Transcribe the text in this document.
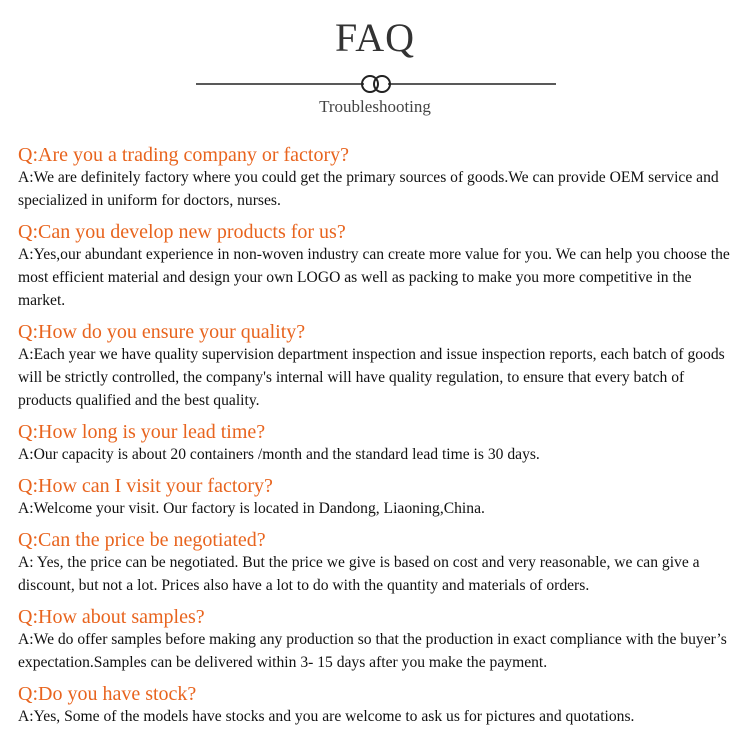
FAQ
Troubleshooting
Q:Are you a trading company or factory?
A:We are definitely factory where you could get the primary sources of goods.We can provide OEM service and specialized in uniform for doctors, nurses.
Q:Can you develop new products for us?
A:Yes,our abundant experience in non-woven industry can create more value for you. We can help you choose the most efficient material and design your own LOGO as well as packing to make you more competitive in the market.
Q:How do you ensure your quality?
A:Each year we have quality supervision department inspection and issue inspection reports, each batch of goods will be strictly controlled, the company's internal will have quality regulation, to ensure that every batch of products qualified and the best quality.
Q:How long is your lead time?
A:Our capacity is about 20 containers /month and the standard lead time is 30 days.
Q:How can I visit your factory?
A:Welcome your visit. Our factory is located in Dandong, Liaoning,China.
Q:Can the price be negotiated?
A: Yes, the price can be negotiated. But the price we give is based on cost and very reasonable, we can give a discount, but not a lot. Prices also have a lot to do with the quantity and materials of orders.
Q:How about samples?
A:We do offer samples before making any production so that the production in exact compliance with the buyer’s expectation.Samples can be delivered within 3- 15 days after you make the payment.
Q:Do you have stock?
A:Yes, Some of the models have stocks and you are welcome to ask us for pictures and quotations.
